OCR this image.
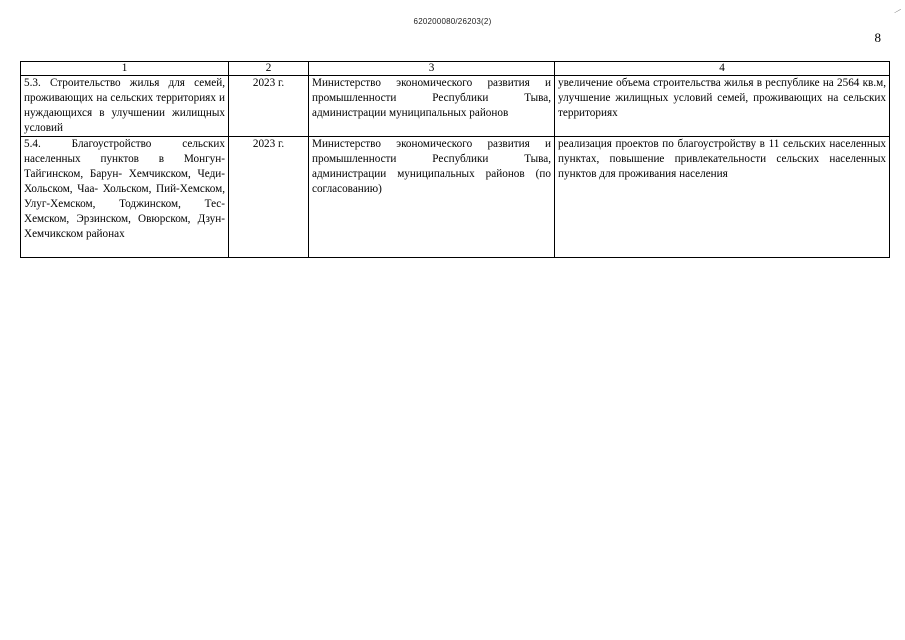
620200080/26203(2)
8
⁄
1	2	3	4
5.3. Строительство жилья для семей, проживающих на сельских территориях и нуждающихся в улучшении жилищных условий	2023 г.	Министерство экономического развития и промышленности Республики Тыва, администрации муниципальных районов	увеличение объема строительства жилья в республике на 2564 кв.м, улучшение жилищных условий семей, проживающих на сельских территориях
5.4. Благоустройство сельских населенных пунктов в Монгун-Тайгинском, Барун- Хемчикском, Чеди-Хольском, Чаа- Хольском, Пий-Хемском, Улуг-Хемском, Тоджинском, Тес-Хемском, Эрзинском, Овюрском, Дзун-Хемчикском районах	2023 г.	Министерство экономического развития и промышленности Республики Тыва, администрации муниципальных районов (по согласованию)	реализация проектов по благоустройству в 11 сельских населенных пунктах, повышение привлекательности сельских населенных пунктов для проживания населения
